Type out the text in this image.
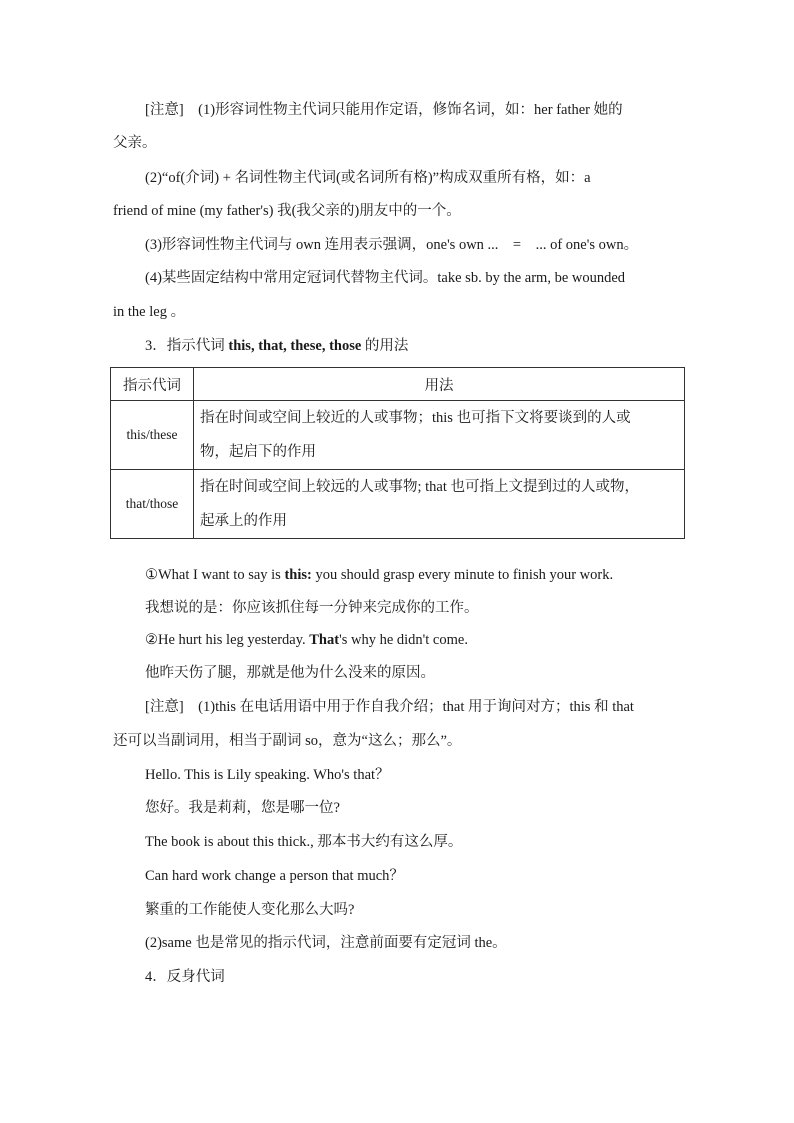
[注意]　(1)形容词性物主代词只能用作定语，修饰名词，如：her father 她的
父亲。
(2)“of(介词) + 名词性物主代词(或名词所有格)”构成双重所有格，如：a
friend of mine (my father's) 我(我父亲的)朋友中的一个。
(3)形容词性物主代词与 own 连用表示强调，one's own ...　=　... of one's own。
(4)某些固定结构中常用定冠词代替物主代词。take sb. by the arm, be wounded
in the leg 。
3．指示代词 this, that, these, those 的用法
指示代词	用法
this/these	指在时间或空间上较近的人或事物；this 也可指下文将要谈到的人或
物，起启下的作用

that/those	指在时间或空间上较远的人或事物; that 也可指上文提到过的人或物，
起承上的作用
①What I want to say is this: you should grasp every minute to finish your work.
我想说的是：你应该抓住每一分钟来完成你的工作。
②He hurt his leg yesterday. That's why he didn't come.
他昨天伤了腿，那就是他为什么没来的原因。
[注意]　(1)this 在电话用语中用于作自我介绍；that 用于询问对方；this 和 that
还可以当副词用，相当于副词 so，意为“这么；那么”。
Hello. This is Lily speaking. Who's that？
您好。我是莉莉，您是哪一位?
The book is about this thick., 那本书大约有这么厚。
Can hard work change a person that much？
繁重的工作能使人变化那么大吗?
(2)same 也是常见的指示代词，注意前面要有定冠词 the。
4．反身代词
